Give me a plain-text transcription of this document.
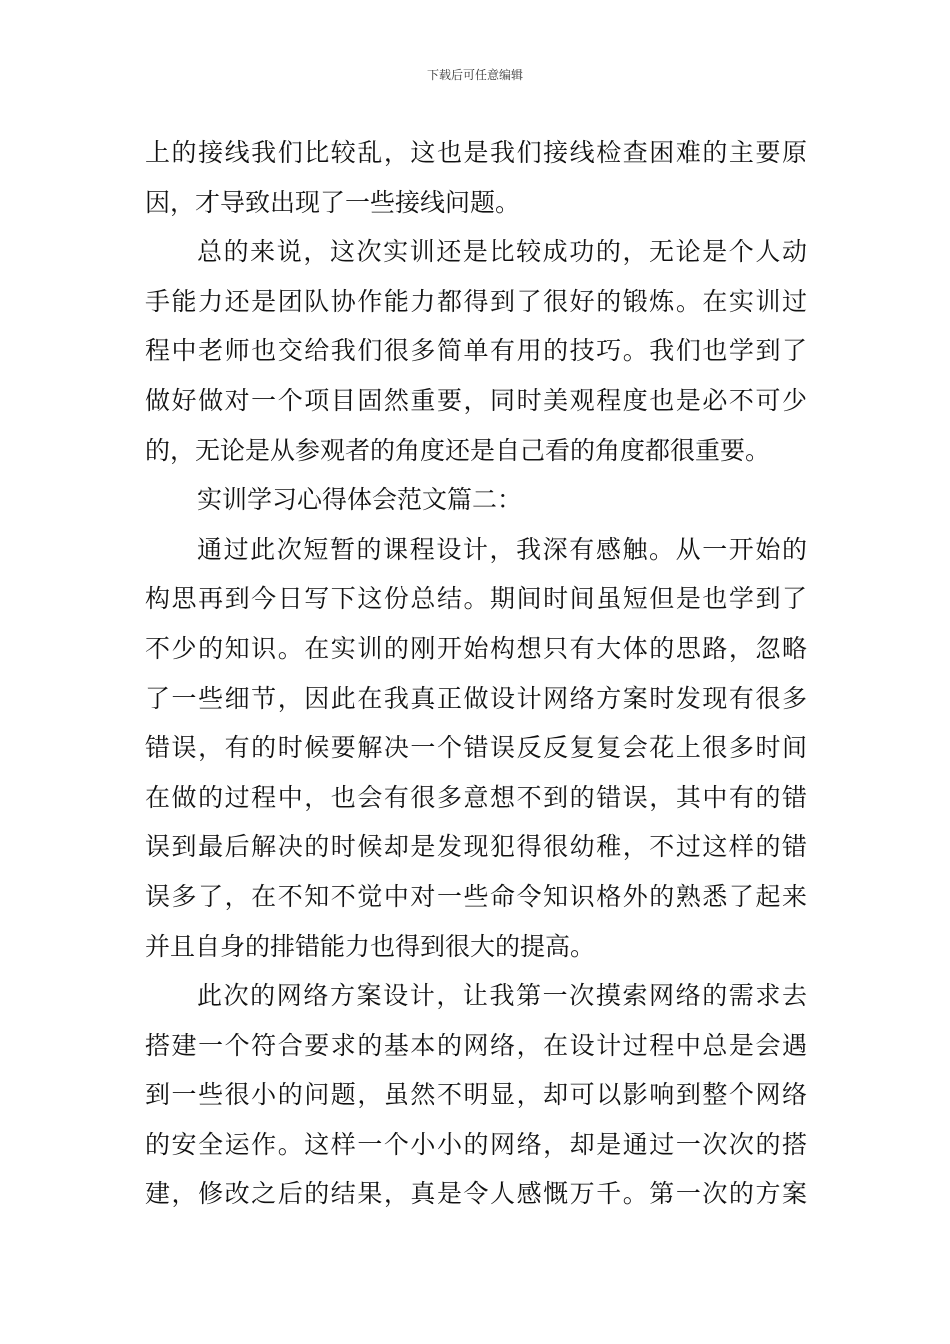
下载后可任意编辑
上的接线我们比较乱，这也是我们接线检查困难的主要原
因，才导致出现了一些接线问题。
总的来说，这次实训还是比较成功的，无论是个人动
手能力还是团队协作能力都得到了很好的锻炼。在实训过
程中老师也交给我们很多简单有用的技巧。我们也学到了
做好做对一个项目固然重要，同时美观程度也是必不可少
的，无论是从参观者的角度还是自己看的角度都很重要。
实训学习心得体会范文篇二：
通过此次短暂的课程设计，我深有感触。从一开始的
构思再到今日写下这份总结。期间时间虽短但是也学到了
不少的知识。在实训的刚开始构想只有大体的思路，忽略
了一些细节，因此在我真正做设计网络方案时发现有很多
错误，有的时候要解决一个错误反反复复会花上很多时间
在做的过程中，也会有很多意想不到的错误，其中有的错
误到最后解决的时候却是发现犯得很幼稚，不过这样的错
误多了，在不知不觉中对一些命令知识格外的熟悉了起来
并且自身的排错能力也得到很大的提高。
此次的网络方案设计，让我第一次摸索网络的需求去
搭建一个符合要求的基本的网络，在设计过程中总是会遇
到一些很小的问题，虽然不明显，却可以影响到整个网络
的安全运作。这样一个小小的网络，却是通过一次次的搭
建，修改之后的结果，真是令人感慨万千。第一次的方案
